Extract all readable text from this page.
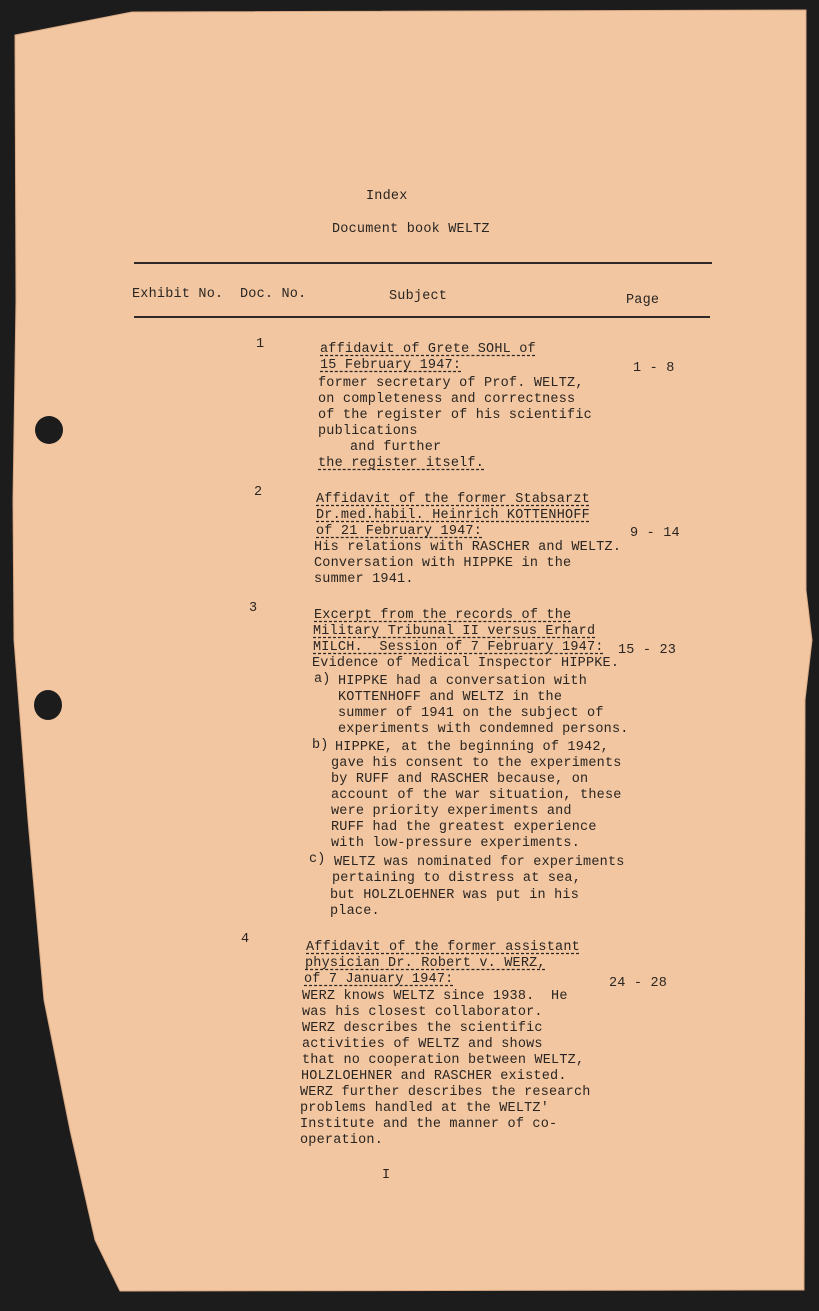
Index
Document book WELTZ
Exhibit No. Doc. No.	Subject	Page
1	affidavit of Grete SOHL of
15 February 1947:	1 - 8
former secretary of Prof. WELTZ,
on completeness and correctness
of the register of his scientific
publications
and further
the register itself.
2	Affidavit of the former Stabsarzt
Dr.med.habil. Heinrich KOTTENHOFF
of 21 February 1947:	9 - 14
His relations with RASCHER and WELTZ.
Conversation with HIPPKE in the
summer 1941.
3	Excerpt from the records of the
Military Tribunal II versus Erhard
MILCH.  Session of 7 February 1947: 15 - 23
Evidence of Medical Inspector HIPPKE.
a) HIPPKE had a conversation with
KOTTENHOFF and WELTZ in the
summer of 1941 on the subject of
experiments with condemned persons.
b) HIPPKE, at the beginning of 1942,
gave his consent to the experiments
by RUFF and RASCHER because, on
account of the war situation, these
were priority experiments and
RUFF had the greatest experience
with low-pressure experiments.
c) WELTZ was nominated for experiments
pertaining to distress at sea,
but HOLZLOEHNER was put in his
place.
4
Affidavit of the former assistant
physician Dr. Robert v. WERZ,
of 7 January 1947:	24 - 28
WERZ knows WELTZ since 1938.  He
was his closest collaborator.
WERZ describes the scientific
activities of WELTZ and shows
that no cooperation between WELTZ,
HOLZLOEHNER and RASCHER existed.
WERZ further describes the research
problems handled at the WELTZ'
Institute and the manner of co-
operation.
I
